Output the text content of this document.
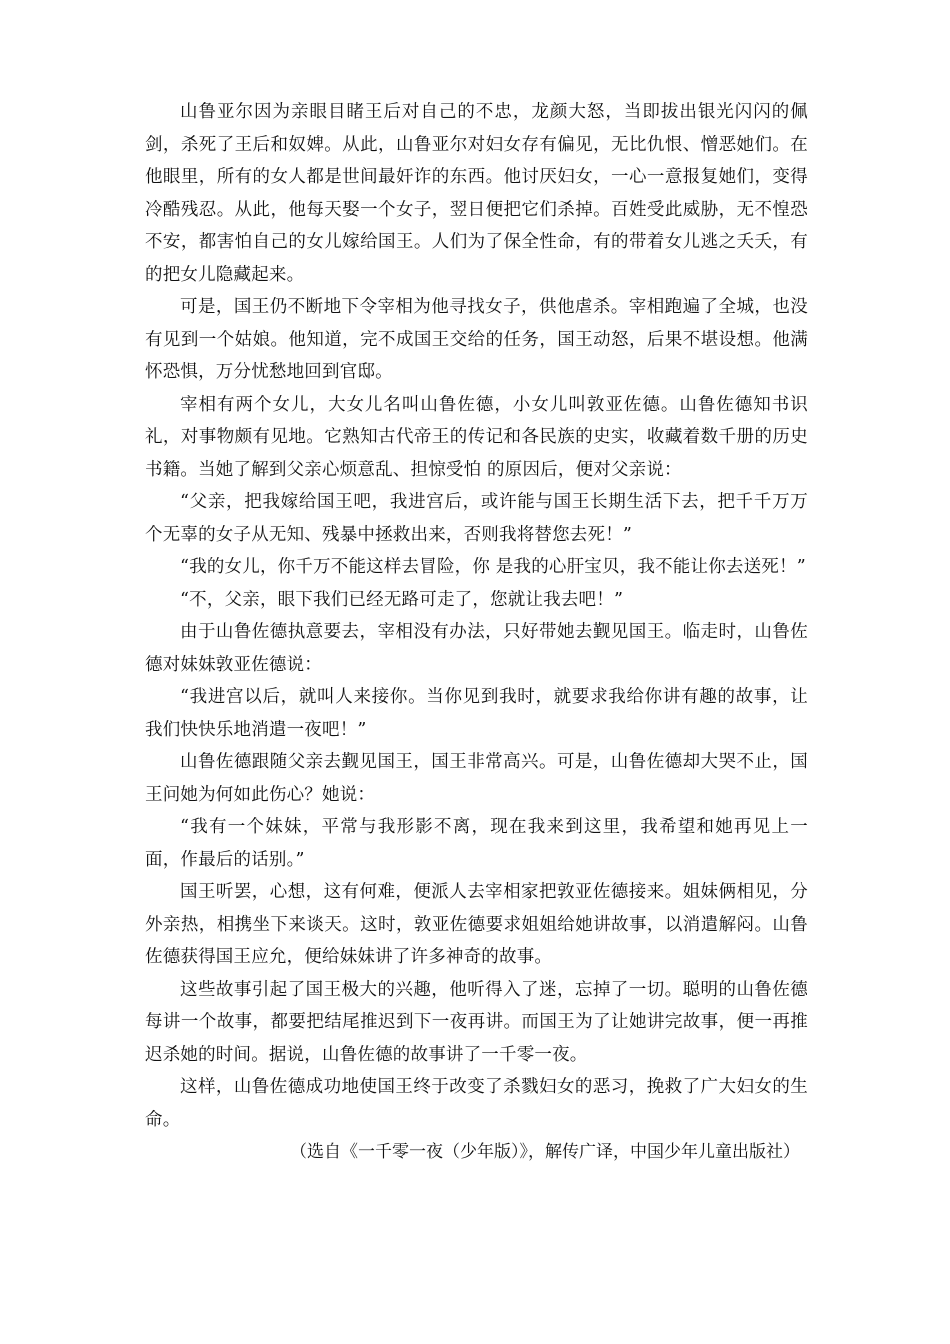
山鲁亚尔因为亲眼目睹王后对自己的不忠，龙颜大怒，当即拔出银光闪闪的佩剑，杀死了王后和奴婢。从此，山鲁亚尔对妇女存有偏见，无比仇恨、憎恶她们。在他眼里，所有的女人都是世间最奸诈的东西。他讨厌妇女，一心一意报复她们，变得冷酷残忍。从此，他每天娶一个女子，翌日便把它们杀掉。百姓受此威胁，无不惶恐不安，都害怕自己的女儿嫁给国王。人们为了保全性命，有的带着女儿逃之夭夭，有的把女儿隐藏起来。

可是，国王仍不断地下令宰相为他寻找女子，供他虐杀。宰相跑遍了全城，也没有见到一个姑娘。他知道，完不成国王交给的任务，国王动怒，后果不堪设想。他满怀恐惧，万分忧愁地回到官邸。

宰相有两个女儿，大女儿名叫山鲁佐德，小女儿叫敦亚佐德。山鲁佐德知书识礼，对事物颇有见地。它熟知古代帝王的传记和各民族的史实，收藏着数千册的历史书籍。当她了解到父亲心烦意乱、担惊受怕 的原因后，便对父亲说：

“父亲，把我嫁给国王吧，我进宫后，或许能与国王长期生活下去，把千千万万个无辜的女子从无知、残暴中拯救出来，否则我将替您去死！”

“我的女儿，你千万不能这样去冒险，你 是我的心肝宝贝，我不能让你去送死！”

“不，父亲，眼下我们已经无路可走了，您就让我去吧！”

由于山鲁佐德执意要去，宰相没有办法，只好带她去觐见国王。临走时，山鲁佐德对妹妹敦亚佐德说：

“我进宫以后，就叫人来接你。当你见到我时，就要求我给你讲有趣的故事，让我们快快乐地消遣一夜吧！”

山鲁佐德跟随父亲去觐见国王，国王非常高兴。可是，山鲁佐德却大哭不止，国王问她为何如此伤心？她说：

“我有一个妹妹，平常与我形影不离，现在我来到这里，我希望和她再见上一面，作最后的话别。”

国王听罢，心想，这有何难，便派人去宰相家把敦亚佐德接来。姐妹俩相见，分外亲热，相携坐下来谈天。这时，敦亚佐德要求姐姐给她讲故事，以消遣解闷。山鲁佐德获得国王应允，便给妹妹讲了许多神奇的故事。

这些故事引起了国王极大的兴趣，他听得入了迷，忘掉了一切。聪明的山鲁佐德每讲一个故事，都要把结尾推迟到下一夜再讲。而国王为了让她讲完故事，便一再推迟杀她的时间。据说，山鲁佐德的故事讲了一千零一夜。

这样，山鲁佐德成功地使国王终于改变了杀戮妇女的恶习，挽救了广大妇女的生命。

（选自《一千零一夜（少年版）》，解传广译，中国少年儿童出版社）
